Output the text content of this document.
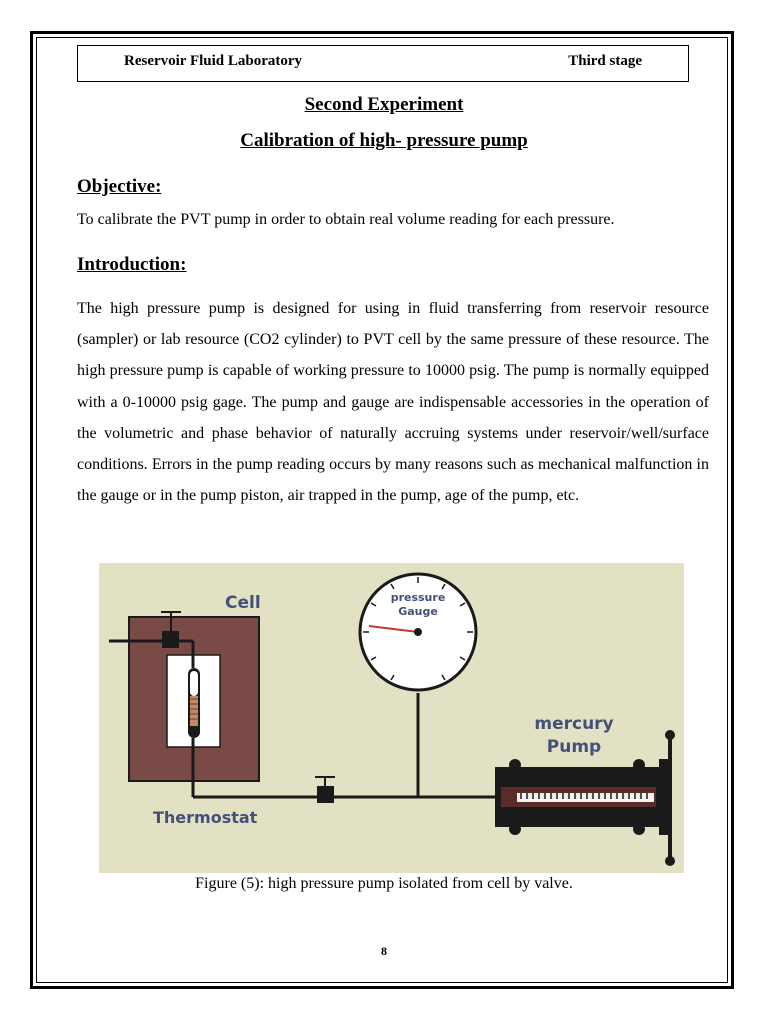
Reservoir Fluid Laboratory	Third stage
Second Experiment
Calibration of high- pressure pump
Objective:
To calibrate the PVT pump in order to obtain real volume reading for each pressure.
Introduction:
The high pressure pump is designed for using in fluid transferring from reservoir resource (sampler) or lab resource (CO2 cylinder) to PVT cell by the same pressure of these resource. The high pressure pump is capable of working pressure to 10000 psig. The pump is normally equipped with a 0-10000 psig gage. The pump and gauge are indispensable accessories in the operation of the volumetric and phase behavior of naturally accruing systems under reservoir/well/surface conditions. Errors in the pump reading occurs by many reasons such as mechanical malfunction in the gauge or in the pump piston, air trapped in the pump, age of the pump, etc.
Cell	pressure
Gauge
mercury
Pump
Thermostat
Figure (5): high pressure pump isolated from cell by valve.
8
